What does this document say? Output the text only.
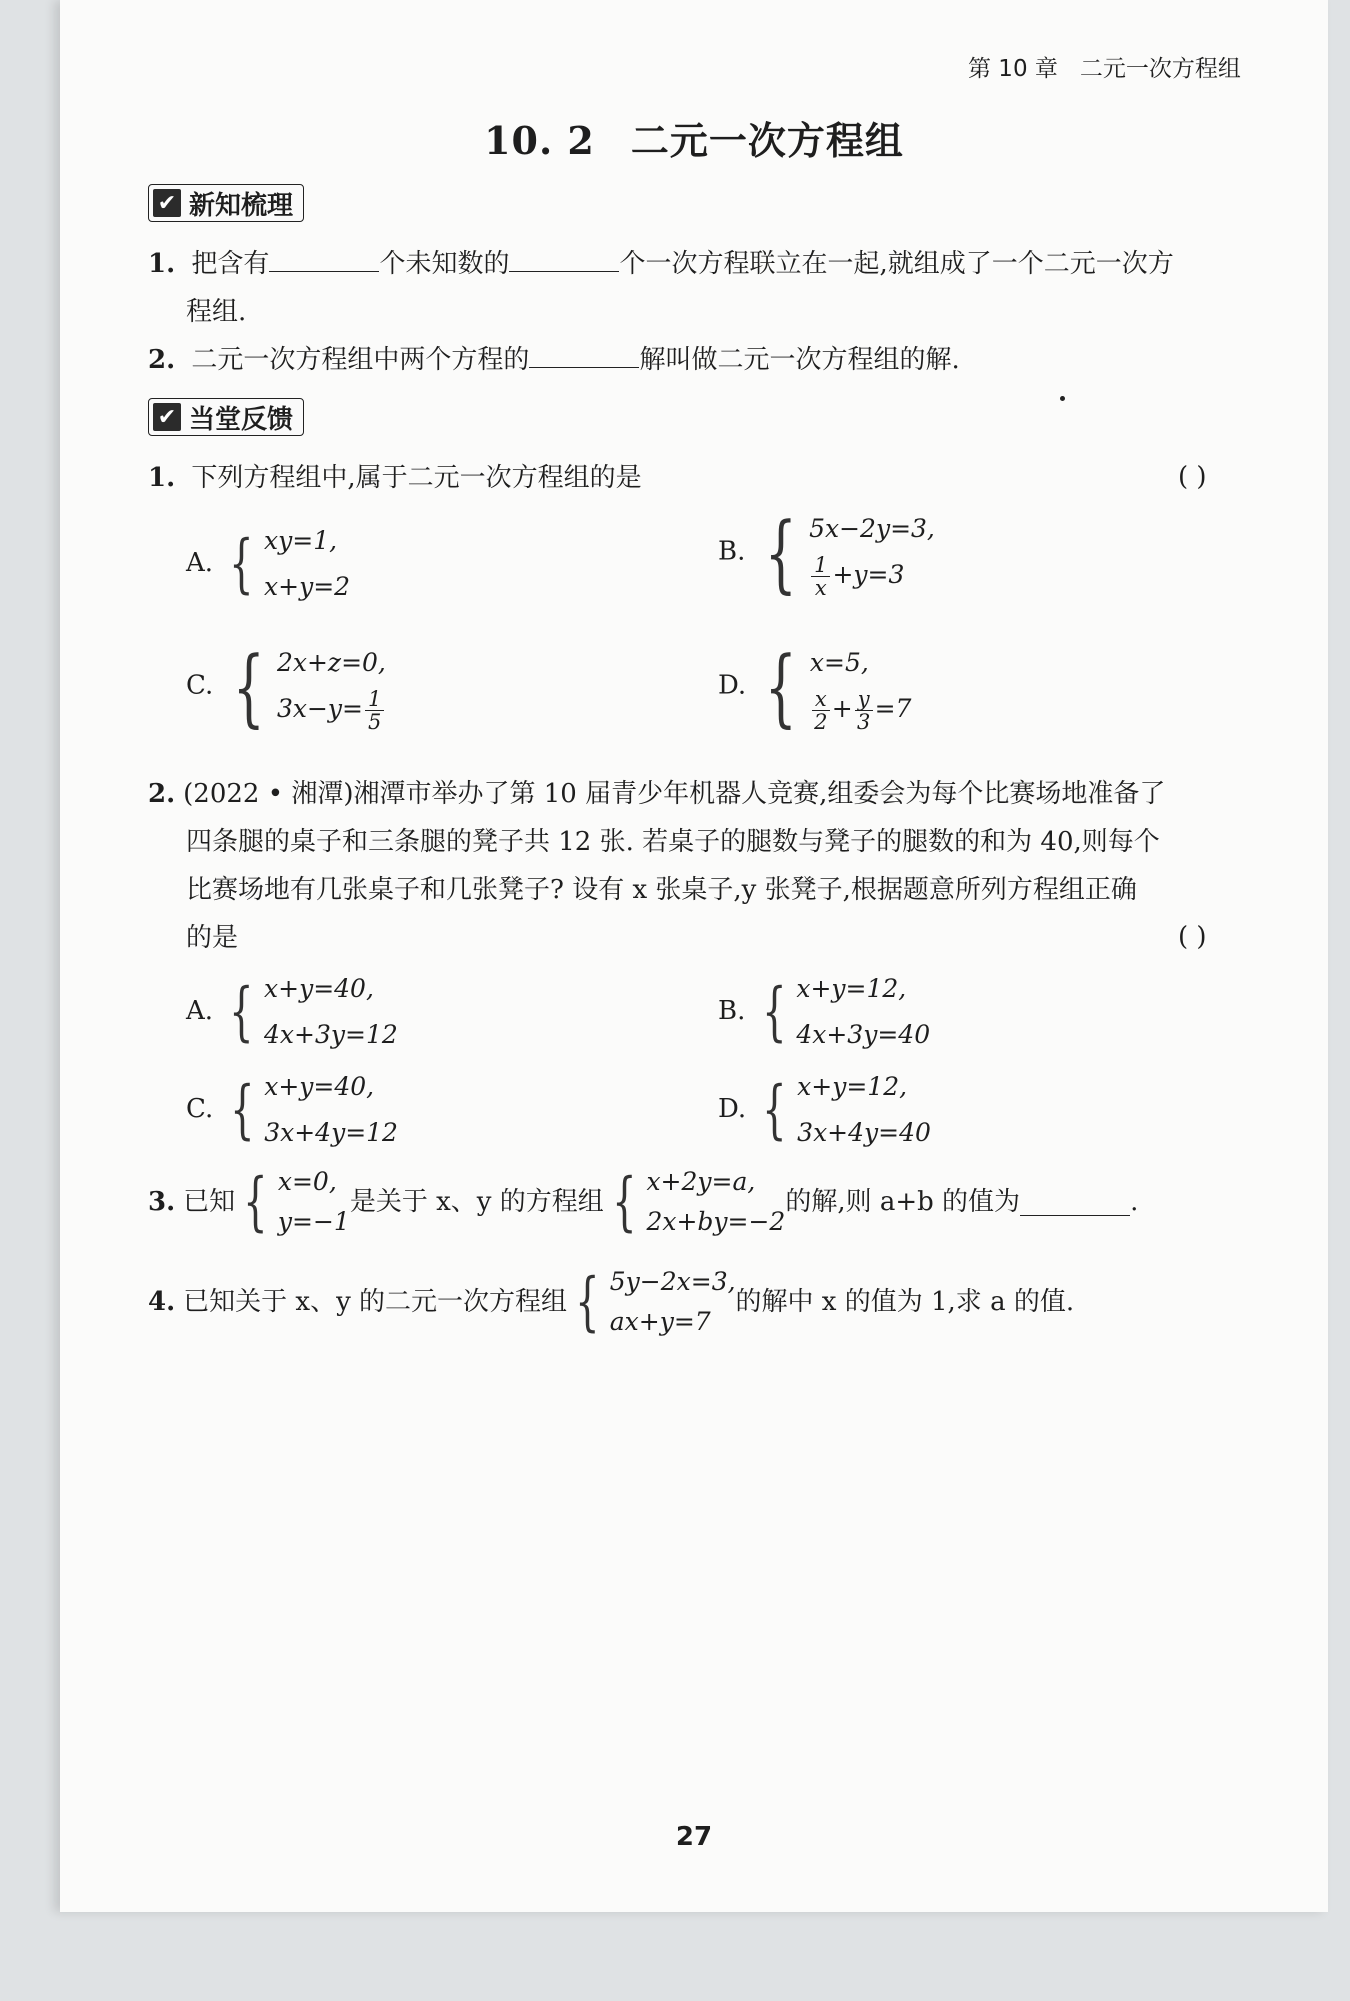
第 10 章 二元一次方程组
10. 2 二元一次方程组
✔ 新知梳理
1. 把含有	个未知数的	个一次方程联立在一起,就组成了一个二元一次方
程组.
2. 二元一次方程组中两个方程的	解叫做二元一次方程组的解.
✔ 当堂反馈
1. 下列方程组中,属于二元一次方程组的是	( )
A. { xy=1,
x+y=2
B. { 5x−2y=3,
$\frac{1}{x} +y=3$
C. { 2x+z=0,
$3x-y= \frac{1}{5}$
D. { x=5,
$\frac{x}{2} + \frac{y}{3} =7$
2. (2022 • 湘潭)湘潭市举办了第 10 届青少年机器人竞赛,组委会为每个比赛场地准备了
四条腿的桌子和三条腿的凳子共 12 张. 若桌子的腿数与凳子的腿数的和为 40,则每个
比赛场地有几张桌子和几张凳子? 设有 x 张桌子,y 张凳子,根据题意所列方程组正确
的是	( )
A. { x+y=40,
4x+3y=12
B. { x+y=12,
4x+3y=40
C. { x+y=40,
3x+4y=12
D. { x+y=12,
3x+4y=40
3. 已知 { x=0,
y=−1
是关于 x、y 的方程组 { x+2y=a,
2x+by=−2
的解,则 a+b 的值为	.
4. 已知关于 x、y 的二元一次方程组 { 5y−2x=3,
ax+y=7
的解中 x 的值为 1,求 a 的值.
27
